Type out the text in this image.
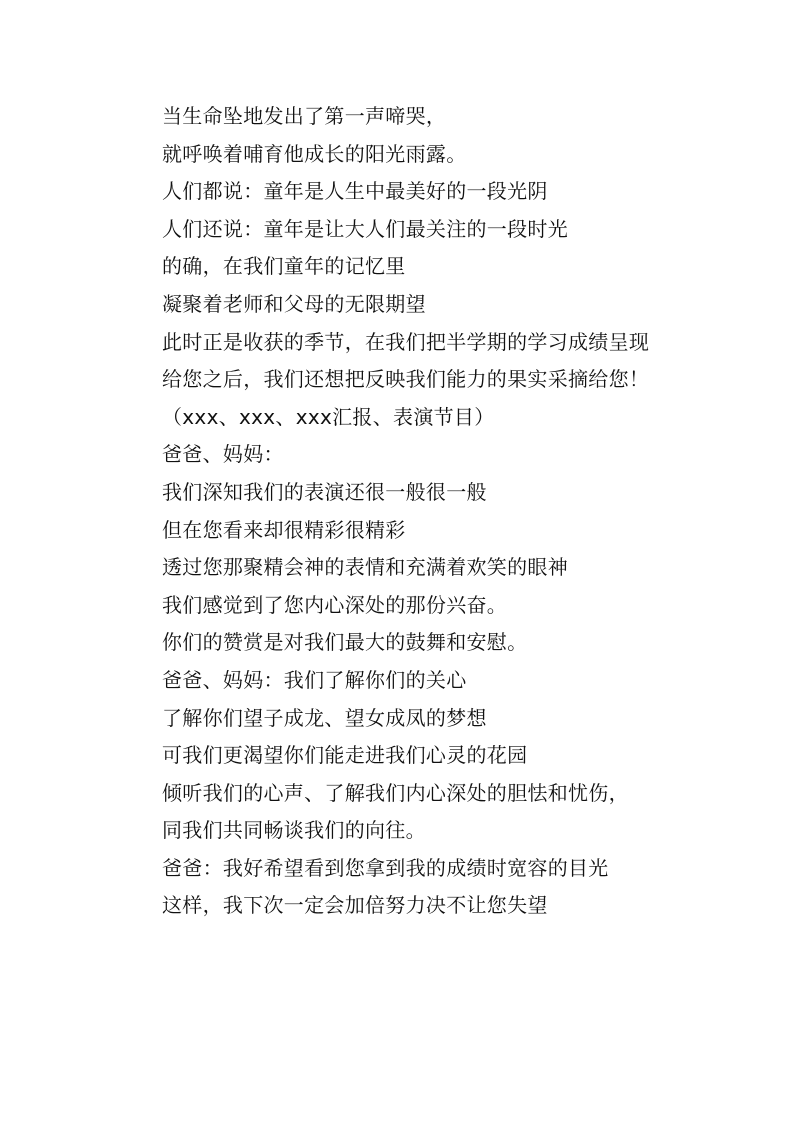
当生命坠地发出了第一声啼哭，
就呼唤着哺育他成长的阳光雨露。
人们都说：童年是人生中最美好的一段光阴
人们还说：童年是让大人们最关注的一段时光
的确，在我们童年的记忆里
凝聚着老师和父母的无限期望
此时正是收获的季节，在我们把半学期的学习成绩呈现
给您之后，我们还想把反映我们能力的果实采摘给您！
（xxx、xxx、xxx汇报、表演节目）
爸爸、妈妈：
我们深知我们的表演还很一般很一般
但在您看来却很精彩很精彩
透过您那聚精会神的表情和充满着欢笑的眼神
我们感觉到了您内心深处的那份兴奋。
你们的赞赏是对我们最大的鼓舞和安慰。
爸爸、妈妈：我们了解你们的关心
了解你们望子成龙、望女成凤的梦想
可我们更渴望你们能走进我们心灵的花园
倾听我们的心声、了解我们内心深处的胆怯和忧伤，
同我们共同畅谈我们的向往。
爸爸：我好希望看到您拿到我的成绩时宽容的目光
这样，我下次一定会加倍努力决不让您失望
